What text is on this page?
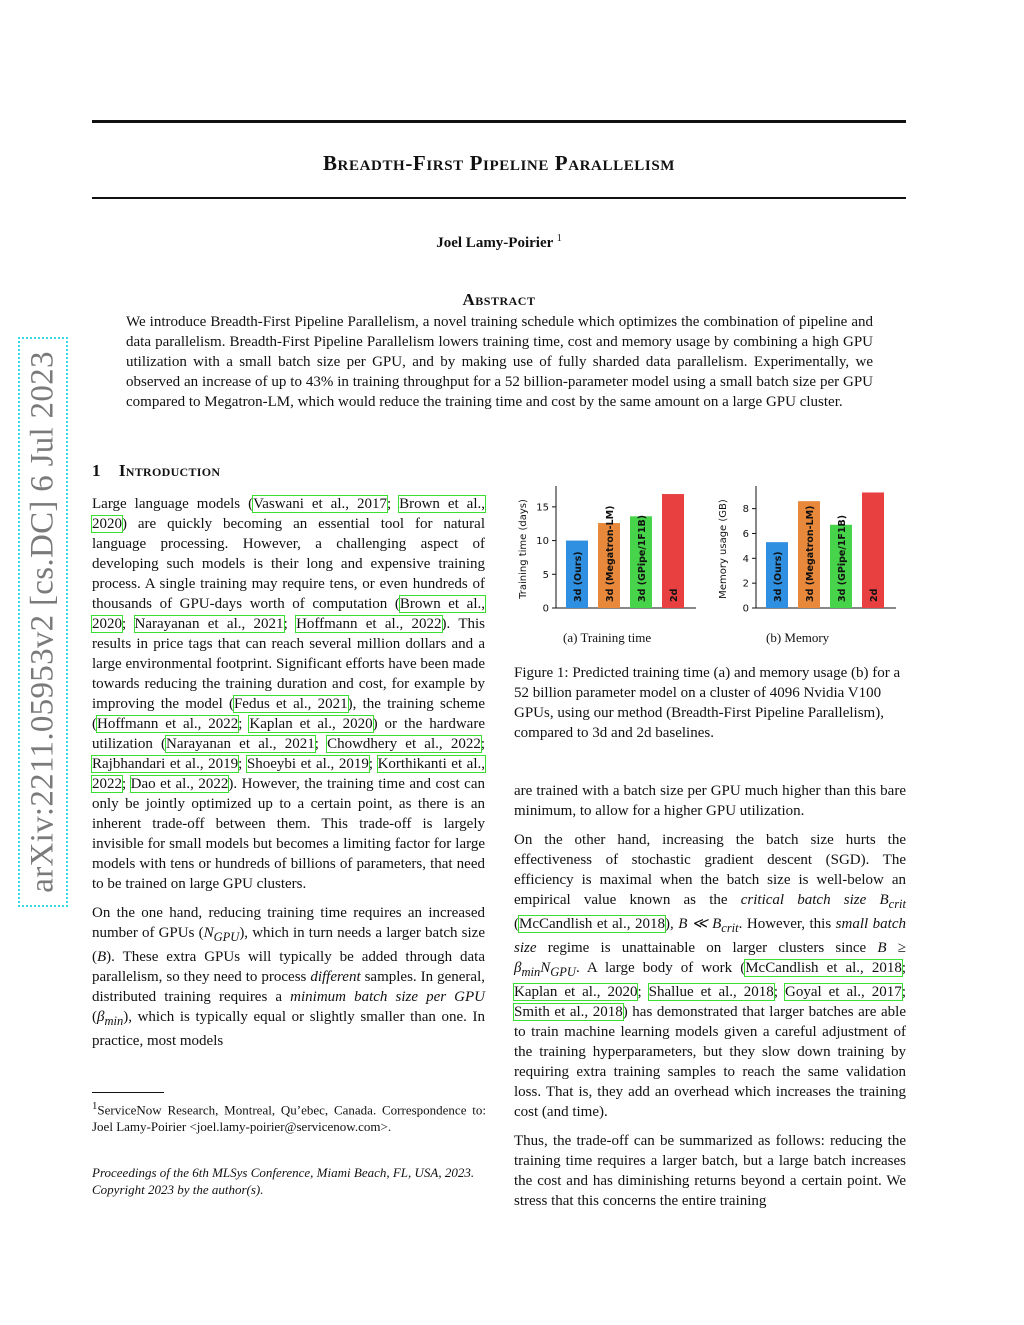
Breadth-First Pipeline Parallelism
Joel Lamy-Poirier $^1$
arXiv:2211.05953v2 [cs.DC] 6 Jul 2023
Abstract
We introduce Breadth-First Pipeline Parallelism, a novel training schedule which optimizes the combination of pipeline and data parallelism. Breadth-First Pipeline Parallelism lowers training time, cost and memory usage by combining a high GPU utilization with a small batch size per GPU, and by making use of fully sharded data parallelism. Experimentally, we observed an increase of up to 43% in training throughput for a 52 billion-parameter model using a small batch size per GPU compared to Megatron-LM, which would reduce the training time and cost by the same amount on a large GPU cluster.
1 Introduction

Large language models (Vaswani et al., 2017; Brown et al., 2020) are quickly becoming an essential tool for natural language processing. However, a challenging aspect of developing such models is their long and expensive training process. A single training may require tens, or even hundreds of thousands of GPU-days worth of computation (Brown et al., 2020; Narayanan et al., 2021; Hoffmann et al., 2022). This results in price tags that can reach several million dollars and a large environmental footprint. Significant efforts have been made towards reducing the training duration and cost, for example by improving the model (Fedus et al., 2021), the training scheme (Hoffmann et al., 2022; Kaplan et al., 2020) or the hardware utilization (Narayanan et al., 2021; Chowdhery et al., 2022; Rajbhandari et al., 2019; Shoeybi et al., 2019; Korthikanti et al., 2022; Dao et al., 2022). However, the training time and cost can only be jointly optimized up to a certain point, as there is an inherent trade-off between them. This trade-off is largely invisible for small models but becomes a limiting factor for large models with tens or hundreds of billions of parameters, that need to be trained on large GPU clusters.

On the one hand, reducing training time requires an increased number of GPUs $(N_{GPU})$, which in turn needs a larger batch size (B). These extra GPUs will typically be added through data parallelism, so they need to process different samples. In general, distributed training requires a minimum batch size per GPU $(\beta_{min})$, which is typically equal or slightly smaller than one. In practice, most models

are trained with a batch size per GPU much higher than this bare minimum, to allow for a higher GPU utilization.

On the other hand, increasing the batch size hurts the effectiveness of stochastic gradient descent (SGD). The efficiency is maximal when the batch size is well-below an empirical value known as the critical batch size $B_{crit}$ (McCandlish et al., 2018), B ≪ $B_{crit}$. However, this small batch size regime is unattainable on larger clusters since $B \ge \beta_{min}N_{GPU}$. A large body of work (McCandlish et al., 2018; Kaplan et al., 2020; Shallue et al., 2018; Goyal et al., 2017; Smith et al., 2018) has demonstrated that larger batches are able to train machine learning models given a careful adjustment of the training hyperparameters, but they slow down training by requiring extra training samples to reach the same validation loss. That is, they add an overhead which increases the training cost (and time).

Thus, the trade-off can be summarized as follows: reducing the training time requires a larger batch, but a large batch increases the cost and has diminishing returns beyond a certain point. We stress that this concerns the entire training

Training time (days)
0
5
10
15
3d (Ours) 3d (Megatron-LM) 3d (GPipe/1F1B) 2d	Memory usage (GB)
0
2
4
6
8
3d (Ours) 3d (Megatron-LM) 3d (GPipe/1F1B) 2d
(a) Training time	(b) Memory
Figure 1: Predicted training time (a) and memory usage (b) for a 52 billion parameter model on a cluster of 4096 Nvidia V100 GPUs, using our method (Breadth-First Pipeline Parallelism), compared to 3d and 2d baselines.
$^1$ServiceNow Research, Montreal, Qu’ebec, Canada. Correspondence to: Joel Lamy-Poirier <joel.lamy-poirier@servicenow.com>.
Proceedings of the 6th MLSys Conference, Miami Beach, FL, USA, 2023. Copyright 2023 by the author(s).
